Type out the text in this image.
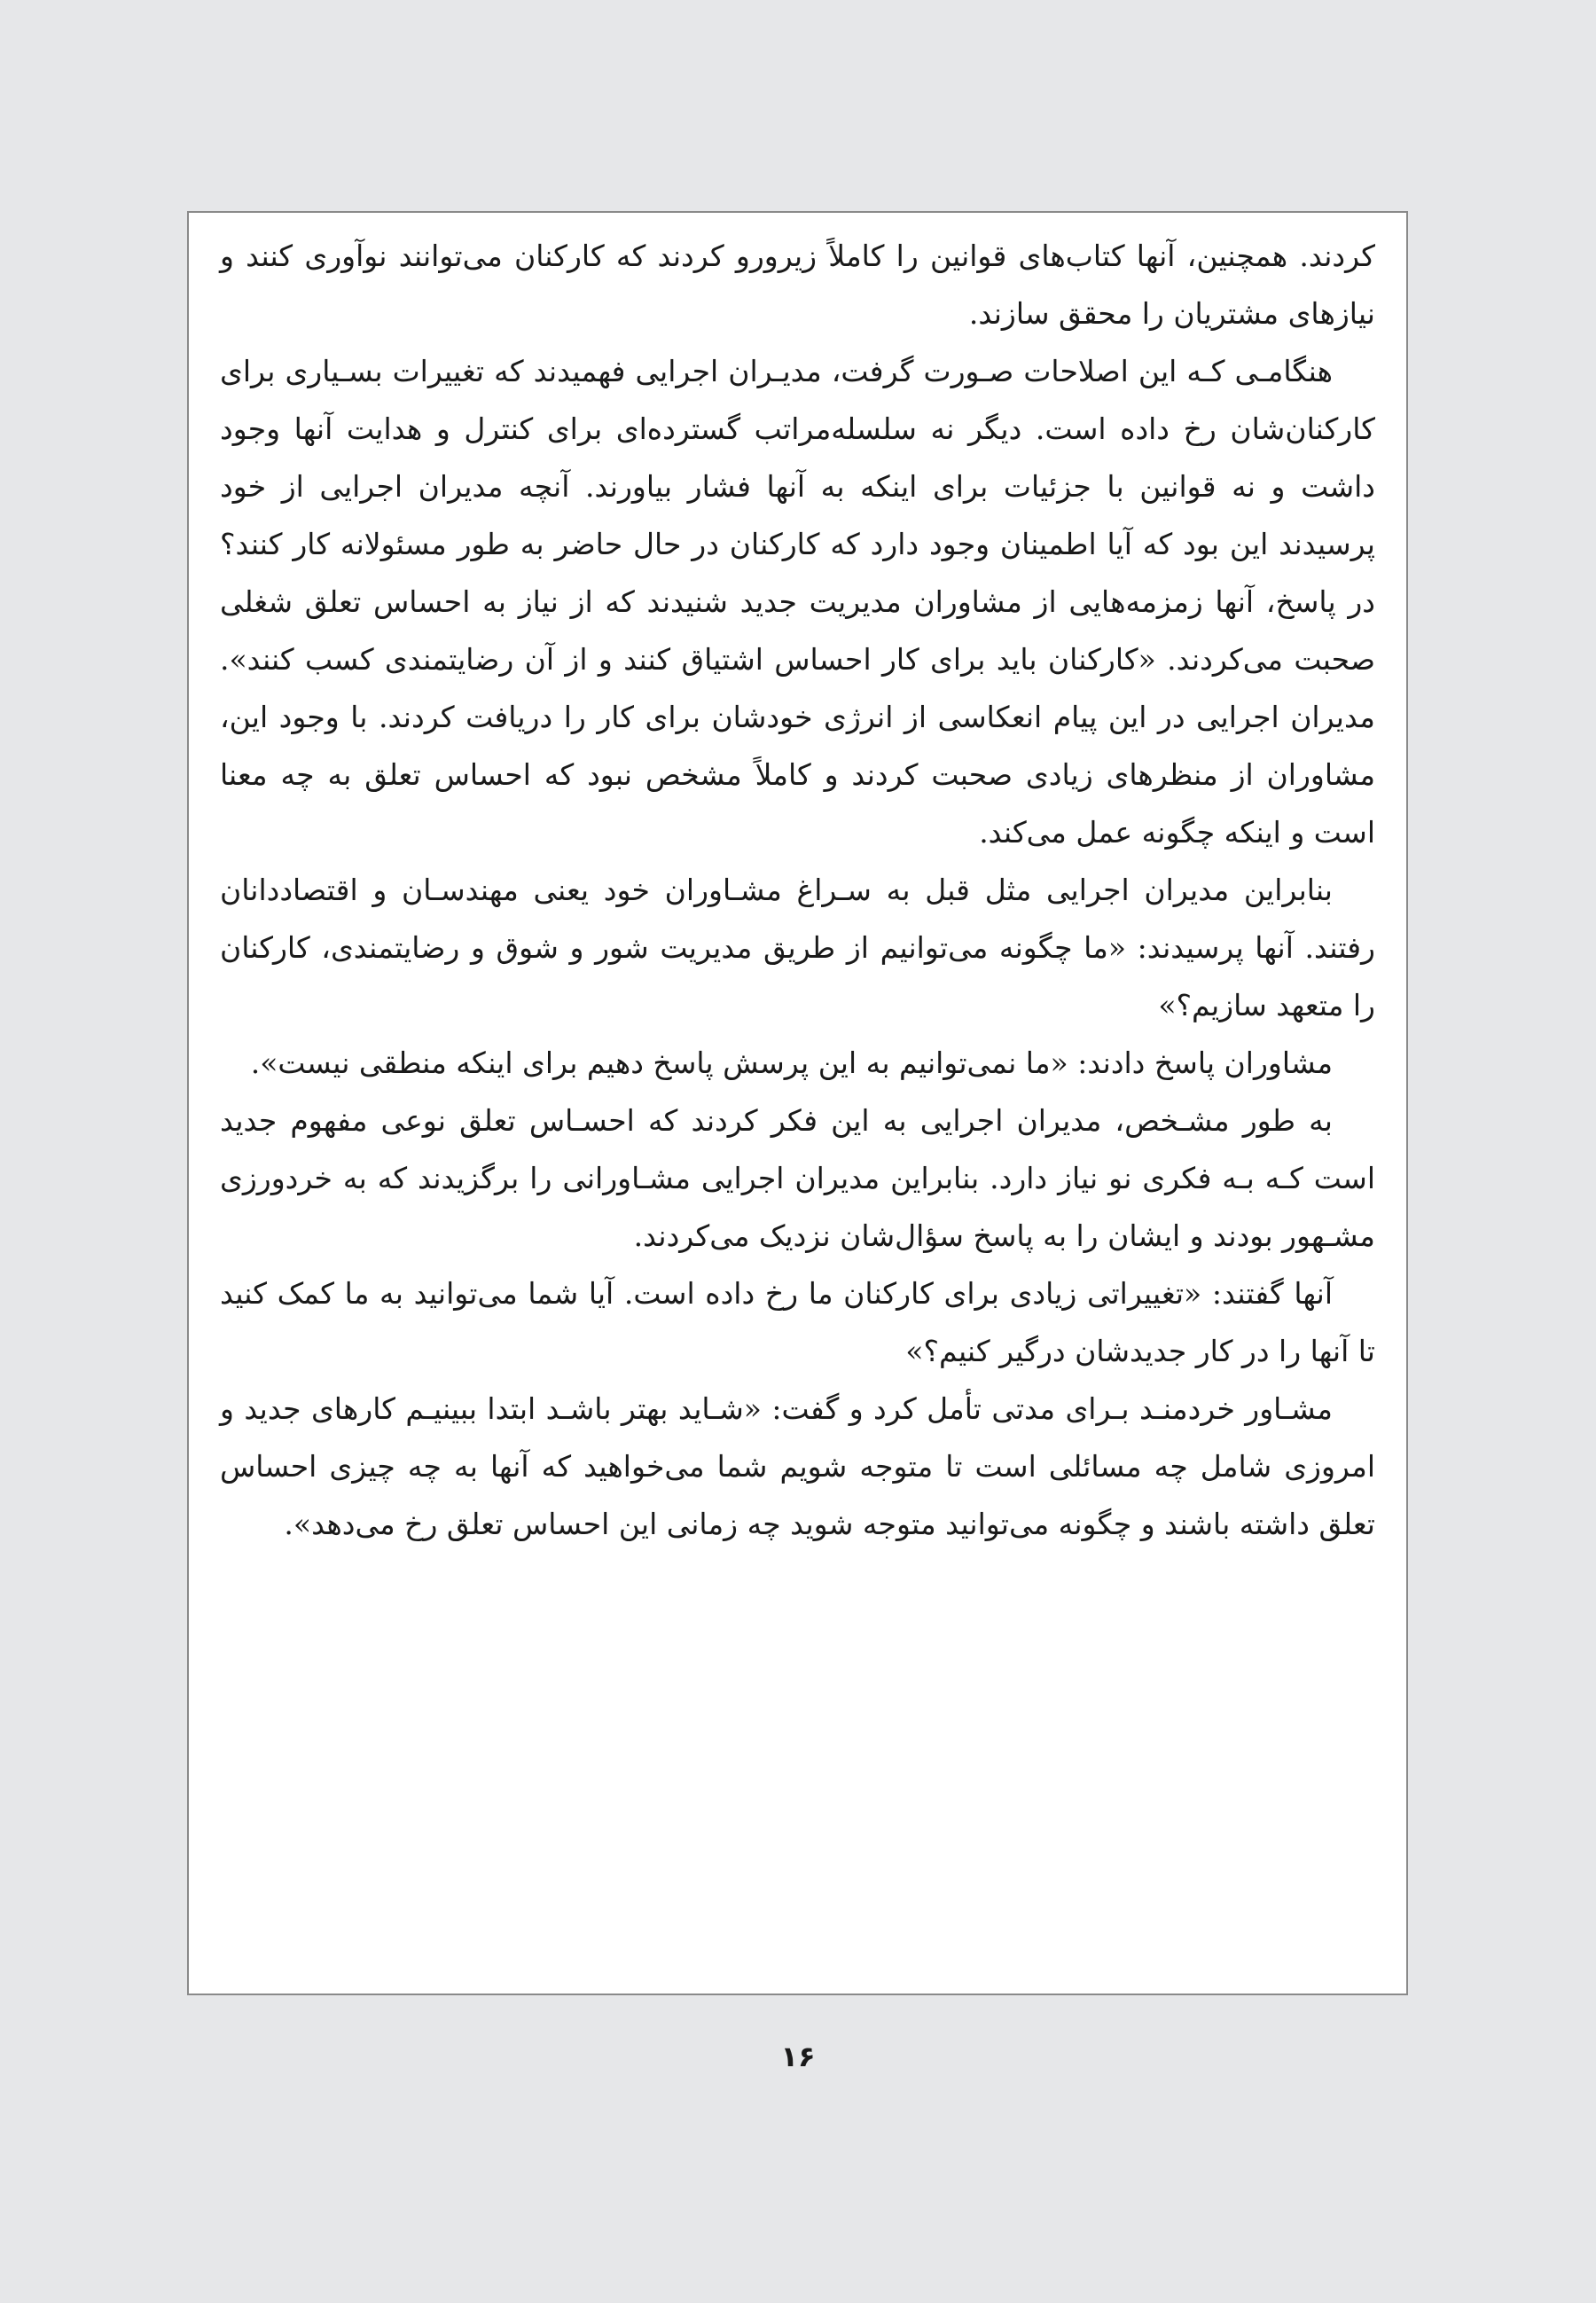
کردند. همچنین، آنها کتاب‌های قوانین را کاملاً زیرورو کردند که کارکنان می‌توانند نوآوری کنند و نیازهای مشتریان را محقق سازند.

هنگامـی کـه این اصلاحات صـورت گرفت، مدیـران اجرایی فهمیدند که تغییرات بسـیاری برای کارکنان‌شان رخ داده است. دیگر نه سلسله‌مراتب گسترده‌ای برای کنترل و هدایت آنها وجود داشت و نه قوانین با جزئیات برای اینکه به آنها فشار بیاورند. آنچه مدیران اجرایی از خود پرسیدند این بود که آیا اطمینان وجود دارد که کارکنان در حال حاضر به طور مسئولانه کار کنند؟ در پاسخ، آنها زمزمه‌هایی از مشاوران مدیریت جدید شنیدند که از نیاز به احساس تعلق شغلی صحبت می‌کردند. «کارکنان باید برای کار احساس اشتیاق کنند و از آن رضایتمندی کسب کنند». مدیران اجرایی در این پیام انعکاسی از انرژی خودشان برای کار را دریافت کردند. با وجود این، مشاوران از منظرهای زیادی صحبت کردند و کاملاً مشخص نبود که احساس تعلق به چه معنا است و اینکه چگونه عمل می‌کند.

بنابراین مدیران اجرایی مثل قبل به سـراغ مشـاوران خود یعنی مهندسـان و اقتصاددانان رفتند. آنها پرسیدند: «ما چگونه می‌توانیم از طریق مدیریت شور و شوق و رضایتمندی، کارکنان را متعهد سازیم؟»

مشاوران پاسخ دادند: «ما نمی‌توانیم به این پرسش پاسخ دهیم برای اینکه منطقی نیست».

به طور مشـخص، مدیران اجرایی به این فکر کردند که احسـاس تعلق نوعی مفهوم جدید است کـه بـه فکری نو نیاز دارد. بنابراین مدیران اجرایی مشـاورانی را برگزیدند که به خردورزی مشـهور بودند و ایشان را به پاسخ سؤال‌شان نزدیک می‌کردند.

آنها گفتند: «تغییراتی زیادی برای کارکنان ما رخ داده است. آیا شما می‌توانید به ما کمک کنید تا آنها را در کار جدیدشان درگیر کنیم؟»

مشـاور خردمنـد بـرای مدتی تأمل کرد و گفت: «شـاید بهتر باشـد ابتدا ببینیـم کارهای جدید و امروزی شامل چه مسائلی است تا متوجه شویم شما می‌خواهید که آنها به چه چیزی احساس تعلق داشته باشند و چگونه می‌توانید متوجه شوید چه زمانی این احساس تعلق رخ می‌دهد».

۱۶
